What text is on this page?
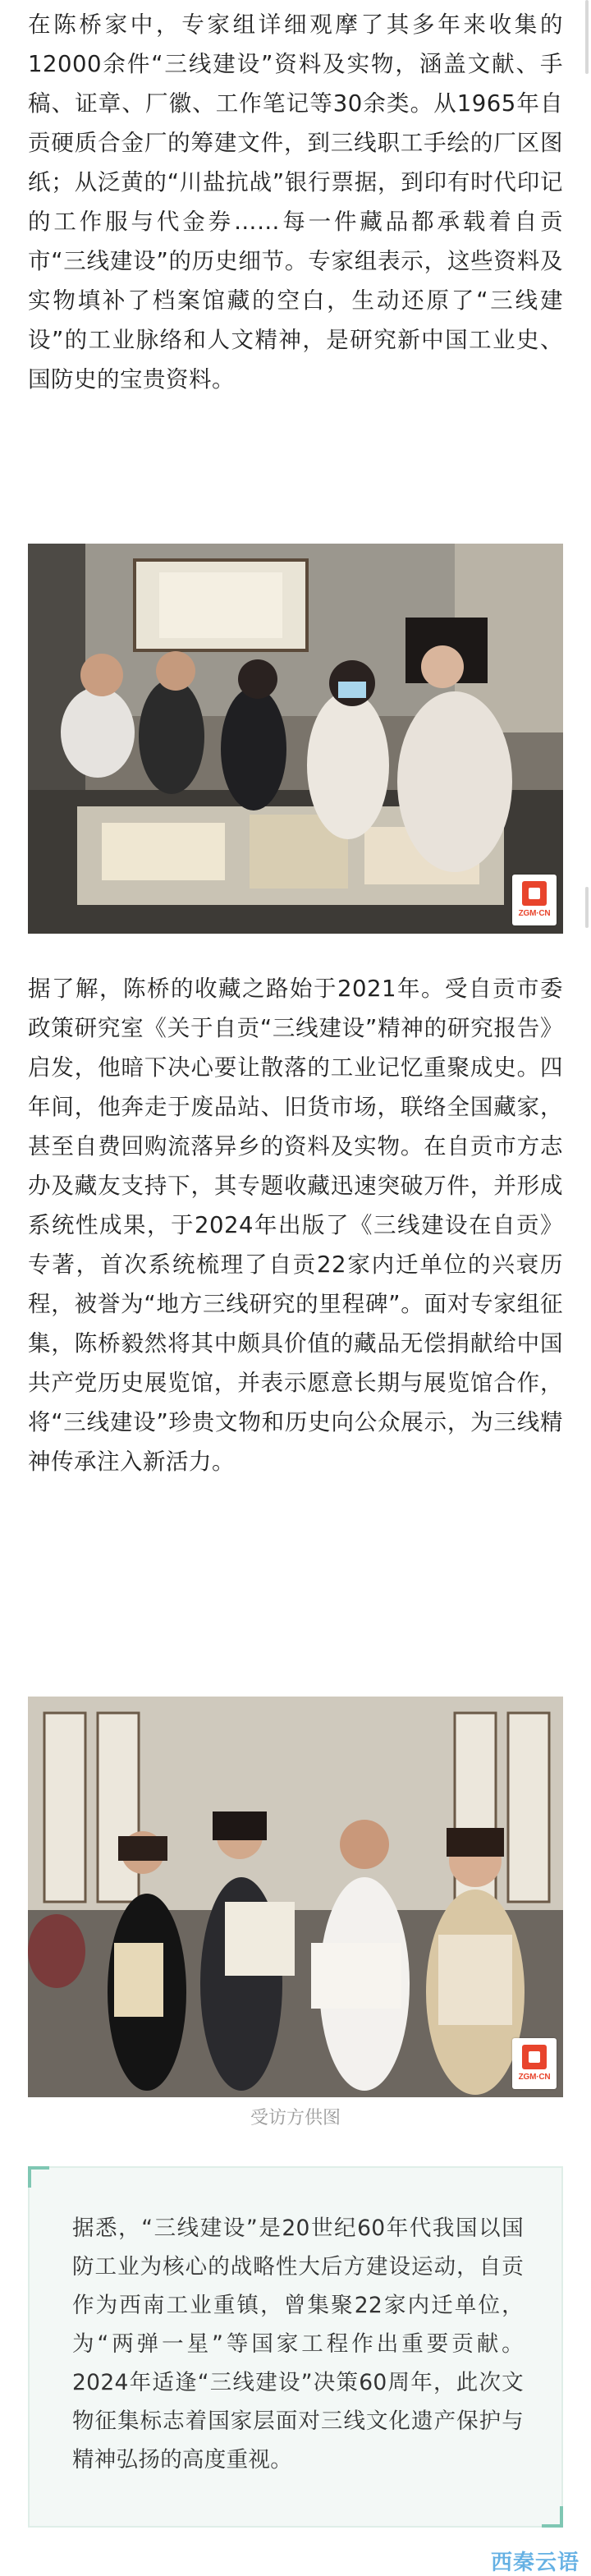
在陈桥家中，专家组详细观摩了其多年来收集的12000余件“三线建设”资料及实物，涵盖文献、手稿、证章、厂徽、工作笔记等30余类。从1965年自贡硬质合金厂的筹建文件，到三线职工手绘的厂区图纸；从泛黄的“川盐抗战”银行票据，到印有时代印记的工作服与代金券……每一件藏品都承载着自贡市“三线建设”的历史细节。专家组表示，这些资料及实物填补了档案馆藏的空白，生动还原了“三线建设”的工业脉络和人文精神，是研究新中国工业史、国防史的宝贵资料。

ZGM·CN

据了解，陈桥的收藏之路始于2021年。受自贡市委政策研究室《关于自贡“三线建设”精神的研究报告》启发，他暗下决心要让散落的工业记忆重聚成史。四年间，他奔走于废品站、旧货市场，联络全国藏家，甚至自费回购流落异乡的资料及实物。在自贡市方志办及藏友支持下，其专题收藏迅速突破万件，并形成系统性成果，于2024年出版了《三线建设在自贡》专著，首次系统梳理了自贡22家内迁单位的兴衰历程，被誉为“地方三线研究的里程碑”。面对专家组征集，陈桥毅然将其中颇具价值的藏品无偿捐献给中国共产党历史展览馆，并表示愿意长期与展览馆合作，将“三线建设”珍贵文物和历史向公众展示，为三线精神传承注入新活力。

ZGM·CN
受访方供图

据悉，“三线建设”是20世纪60年代我国以国防工业为核心的战略性大后方建设运动，自贡作为西南工业重镇，曾集聚22家内迁单位，为“两弹一星”等国家工程作出重要贡献。2024年适逢“三线建设”决策60周年，此次文物征集标志着国家层面对三线文化遗产保护与精神弘扬的高度重视。

西秦云语
